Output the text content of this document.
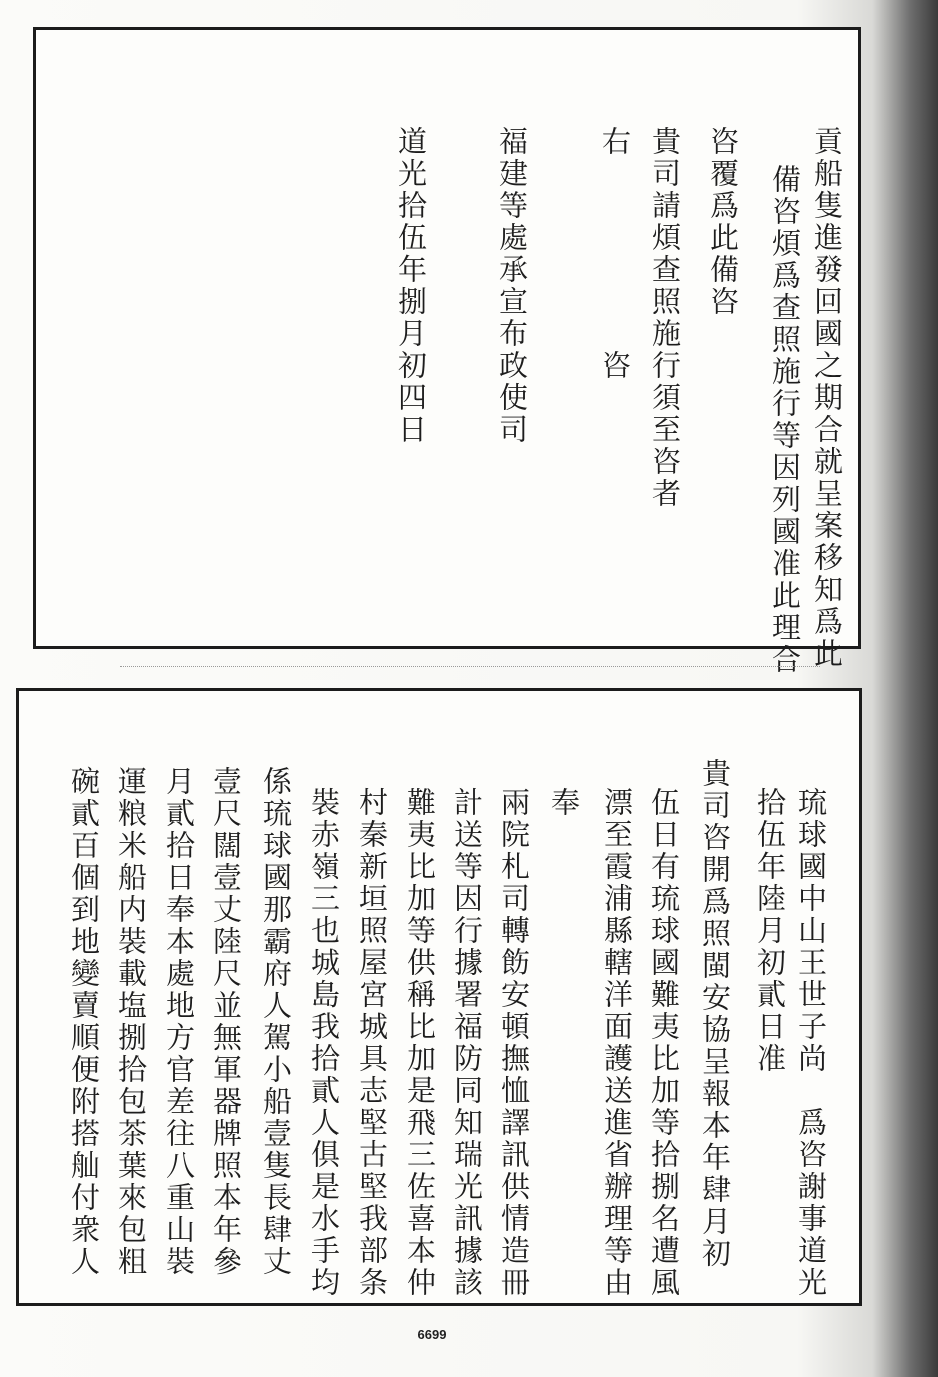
貢船隻進發回國之期合就呈案移知爲此
備咨煩爲查照施行等因列國准此理合
咨覆爲此備咨
貴司請煩查照施行須至咨者
右　　　　　　咨
福建等處承宣布政使司
道光拾伍年捌月初四日
琉球國中山王世子尚　爲咨謝事道光
拾伍年陸月初貳日准
貴司咨開爲照閩安協呈報本年肆月初
伍日有琉球國難夷比加等拾捌名遭風
漂至霞浦縣轄洋面護送進省辦理等由
奉
兩院札司轉飭安頓撫恤譯訊供情造冊
計送等因行據署福防同知瑞光訊據該
難夷比加等供稱比加是飛三佐喜本仲
村秦新垣照屋宮城具志堅古堅我部条
裝赤嶺三也城島我拾貳人俱是水手均
係琉球國那霸府人駕小船壹隻長肆丈
壹尺闊壹丈陸尺並無軍器牌照本年參
月貳拾日奉本處地方官差往八重山裝
運粮米船内裝載塩捌拾包茶葉來包粗
碗貳百個到地變賣順便附搭舢付衆人
6699
